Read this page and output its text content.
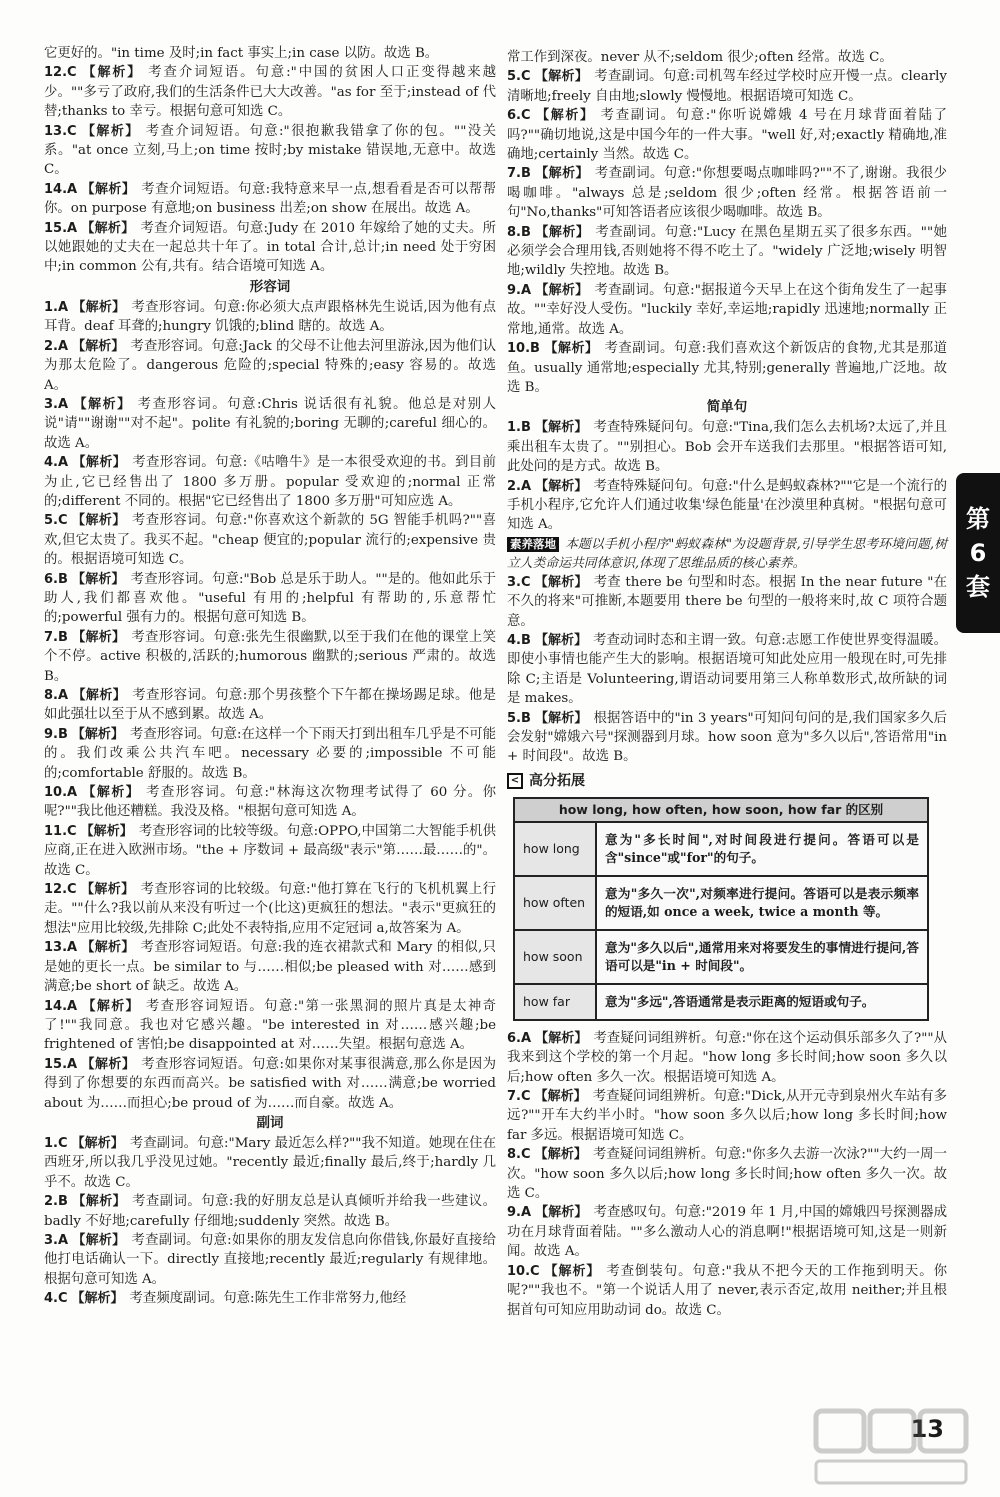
它更好的。"in time 及时;in fact 事实上;in case 以防。故选 B。
12.C 【解析】 考查介词短语。句意:"中国的贫困人口正变得越来越少。""多亏了政府,我们的生活条件已大大改善。"as for 至于;instead of 代替;thanks to 幸亏。根据句意可知选 C。
13.C 【解析】 考查介词短语。句意:"很抱歉我错拿了你的包。""没关系。"at once 立刻,马上;on time 按时;by mistake 错误地,无意中。故选 C。
14.A 【解析】 考查介词短语。句意:我特意来早一点,想看看是否可以帮帮你。on purpose 有意地;on business 出差;on show 在展出。故选 A。
15.A 【解析】 考查介词短语。句意:Judy 在 2010 年嫁给了她的丈夫。所以她跟她的丈夫在一起总共十年了。in total 合计,总计;in need 处于穷困中;in common 公有,共有。结合语境可知选 A。
形容词
1.A 【解析】 考查形容词。句意:你必须大点声跟格林先生说话,因为他有点耳背。deaf 耳聋的;hungry 饥饿的;blind 瞎的。故选 A。
2.A 【解析】 考查形容词。句意:Jack 的父母不让他去河里游泳,因为他们认为那太危险了。dangerous 危险的;special 特殊的;easy 容易的。故选 A。
3.A 【解析】 考查形容词。句意:Chris 说话很有礼貌。他总是对别人说"请""谢谢""对不起"。polite 有礼貌的;boring 无聊的;careful 细心的。故选 A。
4.A 【解析】 考查形容词。句意:《咕噜牛》是一本很受欢迎的书。到目前为止,它已经售出了 1800 多万册。popular 受欢迎的;normal 正常的;different 不同的。根据"它已经售出了 1800 多万册"可知应选 A。
5.C 【解析】 考查形容词。句意:"你喜欢这个新款的 5G 智能手机吗?""喜欢,但它太贵了。我买不起。"cheap 便宜的;popular 流行的;expensive 贵的。根据语境可知选 C。
6.B 【解析】 考查形容词。句意:"Bob 总是乐于助人。""是的。他如此乐于助人,我们都喜欢他。"useful 有用的;helpful 有帮助的,乐意帮忙的;powerful 强有力的。根据句意可知选 B。
7.B 【解析】 考查形容词。句意:张先生很幽默,以至于我们在他的课堂上笑个不停。active 积极的,活跃的;humorous 幽默的;serious 严肃的。故选 B。
8.A 【解析】 考查形容词。句意:那个男孩整个下午都在操场踢足球。他是如此强壮以至于从不感到累。故选 A。
9.B 【解析】 考查形容词。句意:在这样一个下雨天打到出租车几乎是不可能的。我们改乘公共汽车吧。necessary 必要的;impossible 不可能的;comfortable 舒服的。故选 B。
10.A 【解析】 考查形容词。句意:"林海这次物理考试得了 60 分。你呢?""我比他还糟糕。我没及格。"根据句意可知选 A。
11.C 【解析】 考查形容词的比较等级。句意:OPPO,中国第二大智能手机供应商,正在进入欧洲市场。"the + 序数词 + 最高级"表示"第……最……的"。故选 C。
12.C 【解析】 考查形容词的比较级。句意:"他打算在飞行的飞机机翼上行走。""什么?我以前从来没有听过一个(比这)更疯狂的想法。"表示"更疯狂的想法"应用比较级,先排除 C;此处不表特指,应用不定冠词 a,故答案为 A。
13.A 【解析】 考查形容词短语。句意:我的连衣裙款式和 Mary 的相似,只是她的更长一点。be similar to 与……相似;be pleased with 对……感到满意;be short of 缺乏。故选 A。
14.A 【解析】 考查形容词短语。句意:"第一张黑洞的照片真是太神奇了!""我同意。我也对它感兴趣。"be interested in 对……感兴趣;be frightened of 害怕;be disappointed at 对……失望。根据句意选 A。
15.A 【解析】 考查形容词短语。句意:如果你对某事很满意,那么你是因为得到了你想要的东西而高兴。be satisfied with 对……满意;be worried about 为……而担心;be proud of 为……而自豪。故选 A。
副词
1.C 【解析】 考查副词。句意:"Mary 最近怎么样?""我不知道。她现在住在西班牙,所以我几乎没见过她。"recently 最近;finally 最后,终于;hardly 几乎不。故选 C。
2.B 【解析】 考查副词。句意:我的好朋友总是认真倾听并给我一些建议。badly 不好地;carefully 仔细地;suddenly 突然。故选 B。
3.A 【解析】 考查副词。句意:如果你的朋友发信息向你借钱,你最好直接给他打电话确认一下。directly 直接地;recently 最近;regularly 有规律地。根据句意可知选 A。
4.C 【解析】 考查频度副词。句意:陈先生工作非常努力,他经
常工作到深夜。never 从不;seldom 很少;often 经常。故选 C。
5.C 【解析】 考查副词。句意:司机驾车经过学校时应开慢一点。clearly 清晰地;freely 自由地;slowly 慢慢地。根据语境可知选 C。
6.C 【解析】 考查副词。句意:"你听说嫦娥 4 号在月球背面着陆了吗?""确切地说,这是中国今年的一件大事。"well 好,对;exactly 精确地,准确地;certainly 当然。故选 C。
7.B 【解析】 考查副词。句意:"你想要喝点咖啡吗?""不了,谢谢。我很少喝咖啡。"always 总是;seldom 很少;often 经常。根据答语前一句"No,thanks"可知答语者应该很少喝咖啡。故选 B。
8.B 【解析】 考查副词。句意:"Lucy 在黑色星期五买了很多东西。""她必须学会合理用钱,否则她将不得不吃土了。"widely 广泛地;wisely 明智地;wildly 失控地。故选 B。
9.A 【解析】 考查副词。句意:"据报道今天早上在这个街角发生了一起事故。""幸好没人受伤。"luckily 幸好,幸运地;rapidly 迅速地;normally 正常地,通常。故选 A。
10.B 【解析】 考查副词。句意:我们喜欢这个新饭店的食物,尤其是那道鱼。usually 通常地;especially 尤其,特别;generally 普遍地,广泛地。故选 B。
简单句
1.B 【解析】 考查特殊疑问句。句意:"Tina,我们怎么去机场?太远了,并且乘出租车太贵了。""别担心。Bob 会开车送我们去那里。"根据答语可知,此处问的是方式。故选 B。
2.A 【解析】 考查特殊疑问句。句意:"什么是蚂蚁森林?""它是一个流行的手机小程序,它允许人们通过收集'绿色能量'在沙漠里种真树。"根据句意可知选 A。
素养落地 本题以手机小程序"蚂蚁森林"为设题背景,引导学生思考环境问题,树立人类命运共同体意识,体现了思维品质的核心素养。
3.C 【解析】 考查 there be 句型和时态。根据 In the near future "在不久的将来"可推断,本题要用 there be 句型的一般将来时,故 C 项符合题意。
4.B 【解析】 考查动词时态和主谓一致。句意:志愿工作使世界变得温暖。即使小事情也能产生大的影响。根据语境可知此处应用一般现在时,可先排除 C;主语是 Volunteering,谓语动词要用第三人称单数形式,故所缺的词是 makes。
5.B 【解析】 根据答语中的"in 3 years"可知问句问的是,我们国家多久后会发射"嫦娥六号"探测器到月球。how soon 意为"多久以后",答语常用"in + 时间段"。故选 B。
< 高分拓展
how long, how often, how soon, how far 的区别
how long	意为"多长时间",对时间段进行提问。答语可以是含"since"或"for"的句子。
how often	意为"多久一次",对频率进行提问。答语可以是表示频率的短语,如 once a week, twice a month 等。
how soon	意为"多久以后",通常用来对将要发生的事情进行提问,答语可以是"in + 时间段"。
how far	意为"多远",答语通常是表示距离的短语或句子。
6.A 【解析】 考查疑问词组辨析。句意:"你在这个运动俱乐部多久了?""从我来到这个学校的第一个月起。"how long 多长时间;how soon 多久以后;how often 多久一次。根据语境可知选 A。
7.C 【解析】 考查疑问词组辨析。句意:"Dick,从开元寺到泉州火车站有多远?""开车大约半小时。"how soon 多久以后;how long 多长时间;how far 多远。根据语境可知选 C。
8.C 【解析】 考查疑问词组辨析。句意:"你多久去游一次泳?""大约一周一次。"how soon 多久以后;how long 多长时间;how often 多久一次。故选 C。
9.A 【解析】 考查感叹句。句意:"2019 年 1 月,中国的嫦娥四号探测器成功在月球背面着陆。""多么激动人心的消息啊!"根据语境可知,这是一则新闻。故选 A。
10.C 【解析】 考查倒装句。句意:"我从不把今天的工作拖到明天。你呢?""我也不。"第一个说话人用了 never,表示否定,故用 neither;并且根据首句可知应用助动词 do。故选 C。
第
6
套
13
